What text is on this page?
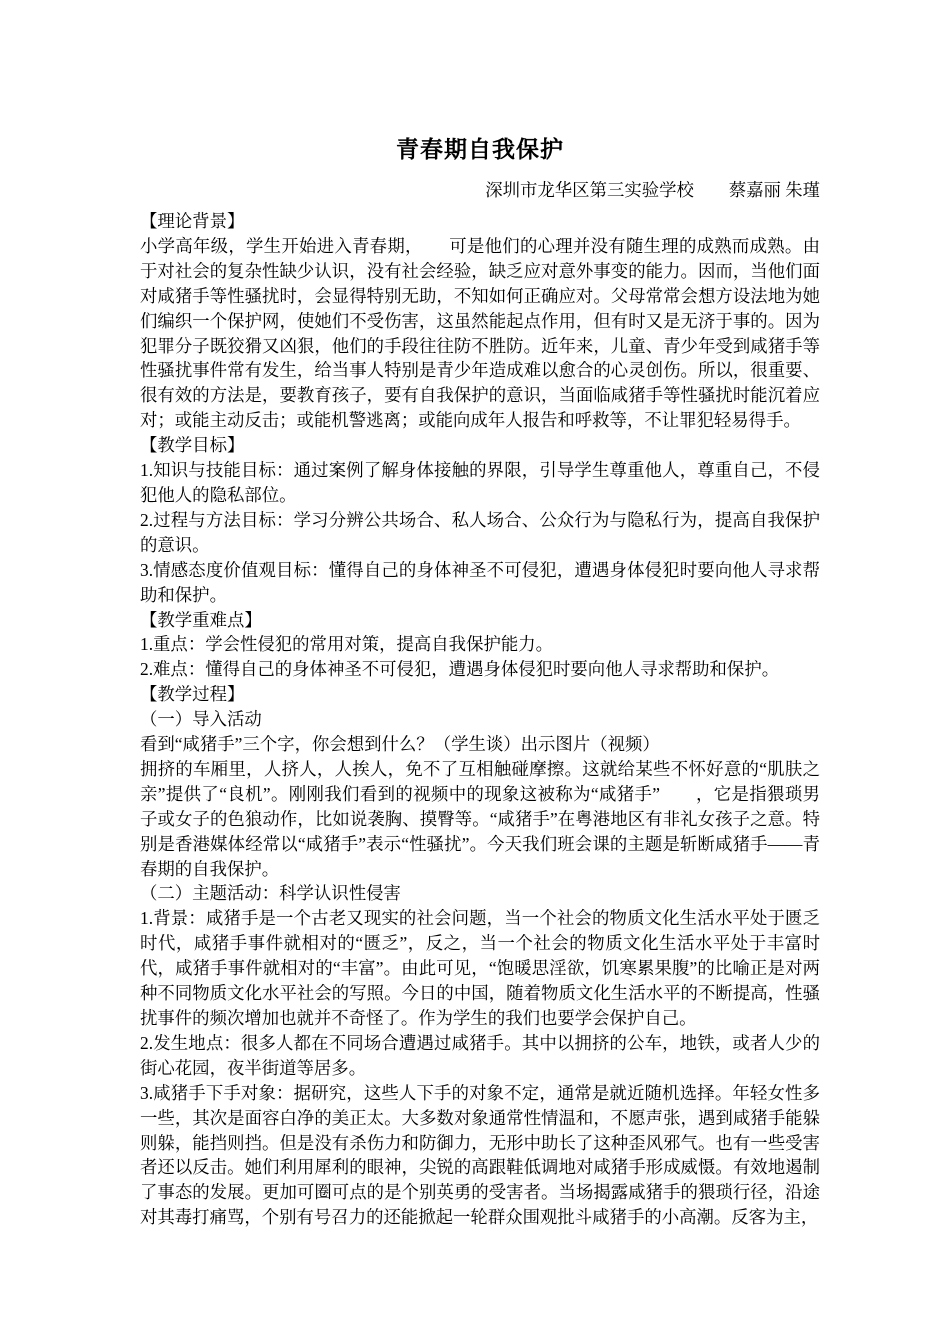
青春期自我保护

深圳市龙华区第三实验学校　　蔡嘉丽 朱瑾

【理论背景】

小学高年级，学生开始进入青春期，　　可是他们的心理并没有随生理的成熟而成熟。由于对社会的复杂性缺少认识，没有社会经验，缺乏应对意外事变的能力。因而，当他们面对咸猪手等性骚扰时，会显得特别无助，不知如何正确应对。父母常常会想方设法地为她们编织一个保护网，使她们不受伤害，这虽然能起点作用，但有时又是无济于事的。因为犯罪分子既狡猾又凶狠，他们的手段往往防不胜防。近年来，儿童、青少年受到咸猪手等性骚扰事件常有发生，给当事人特别是青少年造成难以愈合的心灵创伤。所以，很重要、很有效的方法是，要教育孩子，要有自我保护的意识，当面临咸猪手等性骚扰时能沉着应对；或能主动反击；或能机警逃离；或能向成年人报告和呼救等，不让罪犯轻易得手。

【教学目标】

1.知识与技能目标：通过案例了解身体接触的界限，引导学生尊重他人，尊重自己，不侵犯他人的隐私部位。

2.过程与方法目标：学习分辨公共场合、私人场合、公众行为与隐私行为，提高自我保护的意识。

3.情感态度价值观目标：懂得自己的身体神圣不可侵犯，遭遇身体侵犯时要向他人寻求帮助和保护。

【教学重难点】

1.重点：学会性侵犯的常用对策，提高自我保护能力。

2.难点：懂得自己的身体神圣不可侵犯，遭遇身体侵犯时要向他人寻求帮助和保护。

【教学过程】

（一）导入活动

看到“咸猪手”三个字，你会想到什么？（学生谈）出示图片（视频）

拥挤的车厢里，人挤人，人挨人，免不了互相触碰摩擦。这就给某些不怀好意的“肌肤之亲”提供了“良机”。刚刚我们看到的视频中的现象这被称为“咸猪手”　　，它是指猥琐男子或女子的色狼动作，比如说袭胸、摸臀等。“咸猪手”在粤港地区有非礼女孩子之意。特别是香港媒体经常以“咸猪手”表示“性骚扰”。今天我们班会课的主题是斩断咸猪手——青春期的自我保护。

（二）主题活动：科学认识性侵害

1.背景：咸猪手是一个古老又现实的社会问题，当一个社会的物质文化生活水平处于匮乏时代，咸猪手事件就相对的“匮乏”，反之，当一个社会的物质文化生活水平处于丰富时代，咸猪手事件就相对的“丰富”。由此可见，“饱暖思淫欲，饥寒累果腹”的比喻正是对两种不同物质文化水平社会的写照。今日的中国，随着物质文化生活水平的不断提高，性骚扰事件的频次增加也就并不奇怪了。作为学生的我们也要学会保护自己。

2.发生地点：很多人都在不同场合遭遇过咸猪手。其中以拥挤的公车，地铁，或者人少的街心花园，夜半街道等居多。

3.咸猪手下手对象：据研究，这些人下手的对象不定，通常是就近随机选择。年轻女性多一些，其次是面容白净的美正太。大多数对象通常性情温和，不愿声张，遇到咸猪手能躲则躲，能挡则挡。但是没有杀伤力和防御力，无形中助长了这种歪风邪气。也有一些受害者还以反击。她们利用犀利的眼神，尖锐的高跟鞋低调地对咸猪手形成威慑。有效地遏制了事态的发展。更加可圈可点的是个别英勇的受害者。当场揭露咸猪手的猥琐行径，沿途对其毒打痛骂，个别有号召力的还能掀起一轮群众围观批斗咸猪手的小高潮。反客为主，
